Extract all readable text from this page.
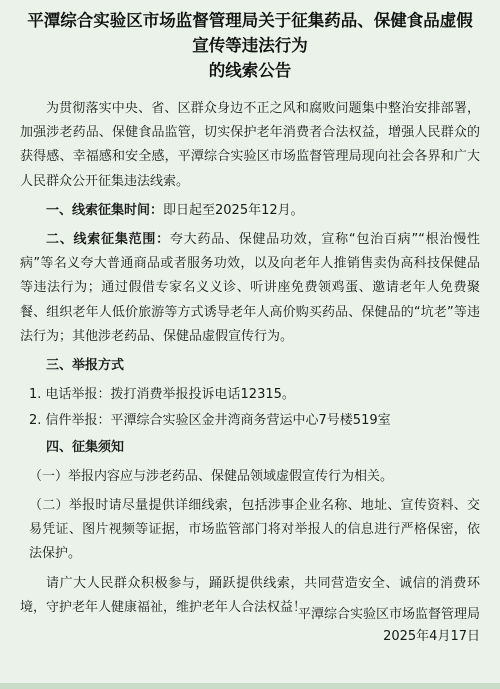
平潭综合实验区市场监督管理局关于征集药品、保健食品虚假宣传等违法行为
的线索公告

为贯彻落实中央、省、区群众身边不正之风和腐败问题集中整治安排部署，加强涉老药品、保健食品监管，切实保护老年消费者合法权益，增强人民群众的获得感、幸福感和安全感，平潭综合实验区市场监督管理局现向社会各界和广大人民群众公开征集违法线索。

一、线索征集时间：即日起至2025年12月。

二、线索征集范围：夸大药品、保健品功效，宣称“包治百病”“根治慢性病”等名义夸大普通商品或者服务功效，以及向老年人推销售卖伪高科技保健品等违法行为；通过假借专家名义义诊、听讲座免费领鸡蛋、邀请老年人免费聚餐、组织老年人低价旅游等方式诱导老年人高价购买药品、保健品的“坑老”等违法行为；其他涉老药品、保健品虚假宣传行为。

三、举报方式

1. 电话举报：拨打消费举报投诉电话12315。

2. 信件举报：平潭综合实验区金井湾商务营运中心7号楼519室

四、征集须知

（一）举报内容应与涉老药品、保健品领域虚假宣传行为相关。

（二）举报时请尽量提供详细线索，包括涉事企业名称、地址、宣传资料、交易凭证、图片视频等证据，市场监管部门将对举报人的信息进行严格保密，依法保护。

请广大人民群众积极参与，踊跃提供线索，共同营造安全、诚信的消费环境，守护老年人健康福祉，维护老年人合法权益！

平潭综合实验区市场监督管理局
2025年4月17日
